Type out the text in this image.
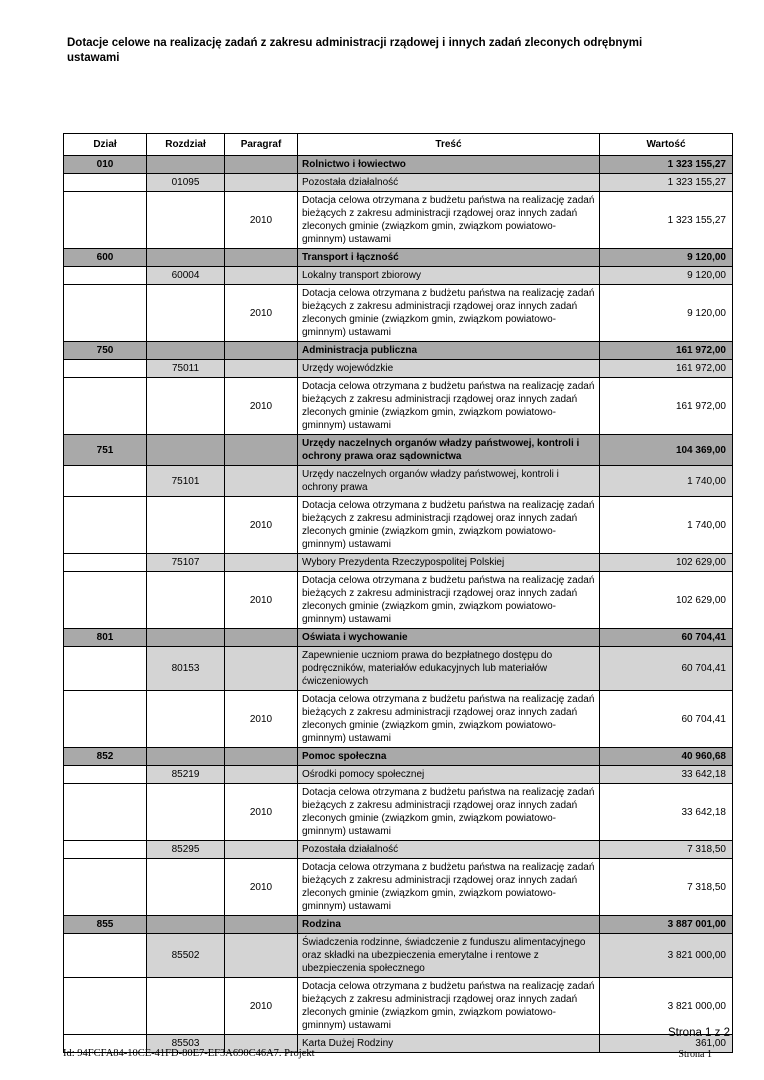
Dotacje celowe na realizację zadań z zakresu administracji rządowej i innych zadań zleconych odrębnymi ustawami
Dział	Rozdział	Paragraf	Treść	Wartość
010			Rolnictwo i łowiectwo	1 323 155,27
	01095		Pozostała działalność	1 323 155,27
		2010	Dotacja celowa otrzymana z budżetu państwa na realizację zadań bieżących z zakresu administracji rządowej oraz innych zadań zleconych gminie (związkom gmin, związkom powiatowo-gminnym) ustawami	1 323 155,27
600			Transport i łączność	9 120,00
	60004		Lokalny transport zbiorowy	9 120,00
		2010	Dotacja celowa otrzymana z budżetu państwa na realizację zadań bieżących z zakresu administracji rządowej oraz innych zadań zleconych gminie (związkom gmin, związkom powiatowo-gminnym) ustawami	9 120,00
750			Administracja publiczna	161 972,00
	75011		Urzędy wojewódzkie	161 972,00
		2010	Dotacja celowa otrzymana z budżetu państwa na realizację zadań bieżących z zakresu administracji rządowej oraz innych zadań zleconych gminie (związkom gmin, związkom powiatowo-gminnym) ustawami	161 972,00
751			Urzędy naczelnych organów władzy państwowej, kontroli i ochrony prawa oraz sądownictwa	104 369,00
	75101		Urzędy naczelnych organów władzy państwowej, kontroli i ochrony prawa	1 740,00
		2010	Dotacja celowa otrzymana z budżetu państwa na realizację zadań bieżących z zakresu administracji rządowej oraz innych zadań zleconych gminie (związkom gmin, związkom powiatowo-gminnym) ustawami	1 740,00
	75107		Wybory Prezydenta Rzeczypospolitej Polskiej	102 629,00
		2010	Dotacja celowa otrzymana z budżetu państwa na realizację zadań bieżących z zakresu administracji rządowej oraz innych zadań zleconych gminie (związkom gmin, związkom powiatowo-gminnym) ustawami	102 629,00
801			Oświata i wychowanie	60 704,41
	80153		Zapewnienie uczniom prawa do bezpłatnego dostępu do podręczników, materiałów edukacyjnych lub materiałów ćwiczeniowych	60 704,41
		2010	Dotacja celowa otrzymana z budżetu państwa na realizację zadań bieżących z zakresu administracji rządowej oraz innych zadań zleconych gminie (związkom gmin, związkom powiatowo-gminnym) ustawami	60 704,41
852			Pomoc społeczna	40 960,68
	85219		Ośrodki pomocy społecznej	33 642,18
		2010	Dotacja celowa otrzymana z budżetu państwa na realizację zadań bieżących z zakresu administracji rządowej oraz innych zadań zleconych gminie (związkom gmin, związkom powiatowo-gminnym) ustawami	33 642,18
	85295		Pozostała działalność	7 318,50
		2010	Dotacja celowa otrzymana z budżetu państwa na realizację zadań bieżących z zakresu administracji rządowej oraz innych zadań zleconych gminie (związkom gmin, związkom powiatowo-gminnym) ustawami	7 318,50
855			Rodzina	3 887 001,00
	85502		Świadczenia rodzinne, świadczenie z funduszu alimentacyjnego oraz składki na ubezpieczenia emerytalne i rentowe z ubezpieczenia społecznego	3 821 000,00
		2010	Dotacja celowa otrzymana z budżetu państwa na realizację zadań bieżących z zakresu administracji rządowej oraz innych zadań zleconych gminie (związkom gmin, związkom powiatowo-gminnym) ustawami	3 821 000,00
	85503		Karta Dużej Rodziny	361,00
Strona 1 z 2
Id: 94FCFA84-10CE-41FD-80E7-EF3A690C46A7. Projekt	Strona 1
